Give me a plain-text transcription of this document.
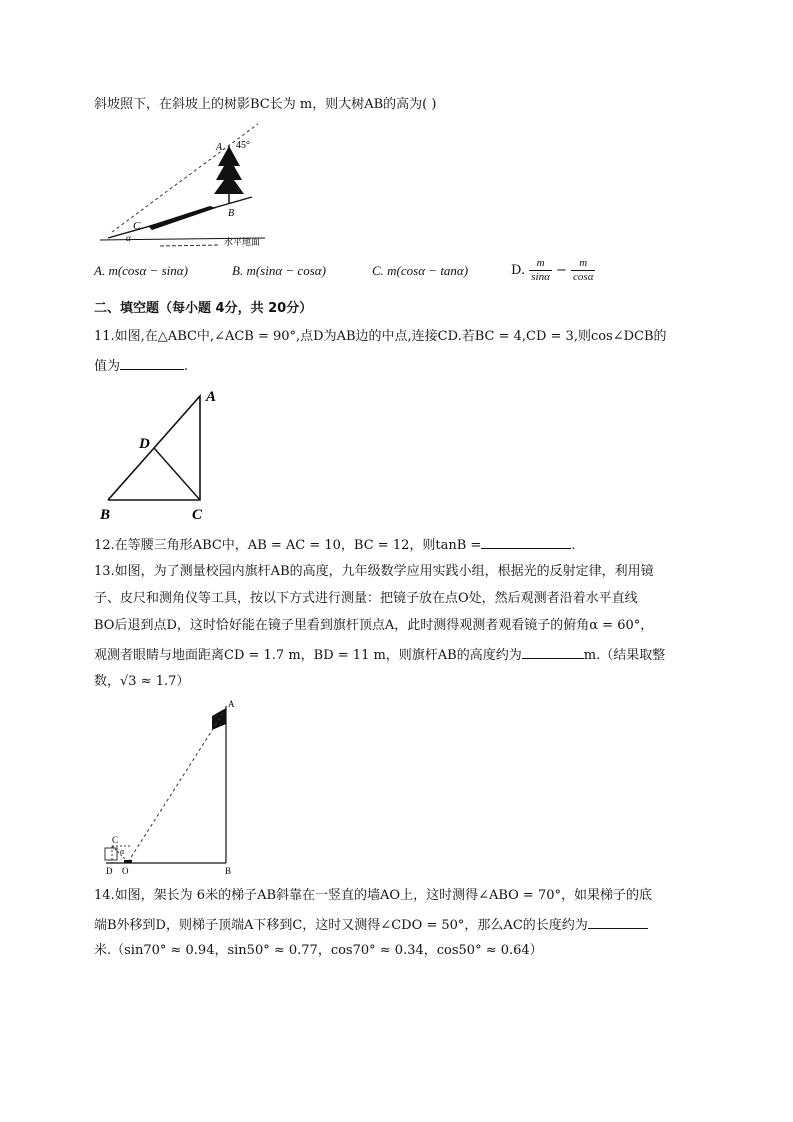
斜坡照下，在斜坡上的树影BC长为 m，则大树AB的高为( )
A 45°
B
C
α	水平地面
A. m(cosα − sinα)	B. m(sinα − cosα)	C. m(cosα − tanα)	D. $\frac{m}{\sin\alpha} - \frac{m}{\cos\alpha}$
二、填空题（每小题 4分，共 20分）
11.如图,在△ABC中,∠ACB = 90°,点D为AB边的中点,连接CD.若BC = 4,CD = 3,则cos∠DCB的
值为	.
A
D
B	C
12.在等腰三角形ABC中，AB = AC = 10，BC = 12，则tanB =	.
13.如图，为了测量校园内旗杆AB的高度，九年级数学应用实践小组，根据光的反射定律，利用镜
子、皮尺和测角仪等工具，按以下方式进行测量：把镜子放在点O处，然后观测者沿着水平直线
BO后退到点D，这时恰好能在镜子里看到旗杆顶点A，此时测得观测者观看镜子的俯角α = 60°，
观测者眼睛与地面距离CD = 1.7 m，BD = 11 m，则旗杆AB的高度约为	m.（结果取整
数，√3 ≈ 1.7）
A
B
C
α
D O
14.如图，架长为 6米的梯子AB斜靠在一竖直的墙AO上，这时测得∠ABO = 70°，如果梯子的底
端B外移到D，则梯子顶端A下移到C，这时又测得∠CDO = 50°，那么AC的长度约为
米.（sin70° ≈ 0.94，sin50° ≈ 0.77，cos70° ≈ 0.34，cos50° ≈ 0.64）
